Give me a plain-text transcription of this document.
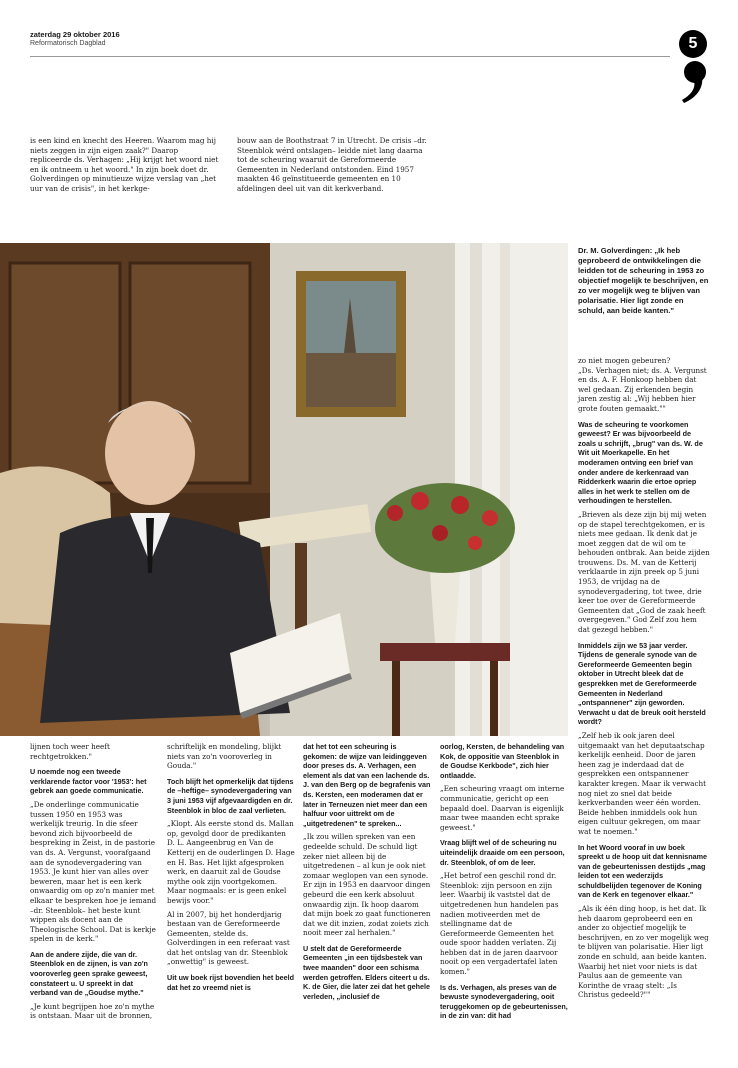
zaterdag 29 oktober 2016
Reformatorisch Dagblad	5

is een kind en knecht des Heeren. Waarom mag hij niets zeggen in zijn eigen zaak?" Daarop repliceerde ds. Verhagen: „Hij krijgt het woord niet en ik ontneem u het woord." In zijn boek doet dr. Golverdingen op minutieuze wijze verslag van „het uur van de crisis", in het kerkge-

bouw aan de Boothstraat 7 in Utrecht. De crisis –dr. Steenblok wérd ontslagen– leidde niet lang daarna tot de scheuring waaruit de Gereformeerde Gemeenten in Nederland ontstonden. Eind 1957 maakten 46 geïnstitueerde gemeenten en 10 afdelingen deel uit van dit kerkverband.

Dr. M. Golverdingen: „Ik heb geprobeerd de ontwikkelingen die leidden tot de scheuring in 1953 zo objectief mogelijk te beschrijven, en zo ver mogelijk weg te blijven van polarisatie. Hier ligt zonde en schuld, aan beide kanten."

zo niet mogen gebeuren?

„Ds. Verhagen niet; ds. A. Vergunst en ds. A. F. Honkoop hebben dat wel gedaan. Zij erkenden begin jaren zestig al: „Wij hebben hier grote fouten gemaakt.""

Was de scheuring te voorkomen geweest? Er was bijvoorbeeld de zoals u schrijft, „brug" van ds. W. de Wit uit Moerkapelle. En het moderamen ontving een brief van onder andere de kerkenraad van Ridderkerk waarin die ertoe opriep alles in het werk te stellen om de verhoudingen te herstellen.

„Brieven als deze zijn bij mij weten op de stapel terechtgekomen, er is niets mee gedaan. Ik denk dat je moet zeggen dat de wil om te behouden ontbrak. Aan beide zijden trouwens. Ds. M. van de Ketterij verklaarde in zijn preek op 5 juni 1953, de vrijdag na de synodevergadering, tot twee, drie keer toe over de Gereformeerde Gemeenten dat „God de zaak heeft overgegeven." God Zelf zou hem dat gezegd hebben."

Inmiddels zijn we 53 jaar verder. Tijdens de generale synode van de Gereformeerde Gemeenten begin oktober in Utrecht bleek dat de gesprekken met de Gereformeerde Gemeenten in Nederland „ontspannener" zijn geworden. Verwacht u dat de breuk ooit hersteld wordt?

„Zelf heb ik ook jaren deel uitgemaakt van het deputaatschap kerkelijk eenheid. Door de jaren heen zag je inderdaad dat de gesprekken een ontspannener karakter kregen. Maar ik verwacht nog niet zo snel dat beide kerkverbanden weer één worden. Beide hebben inmiddels ook hun eigen cultuur gekregen, om maar wat te noemen."

In het Woord vooraf in uw boek spreekt u de hoop uit dat kennisname van de gebeurtenissen destijds „mag leiden tot een wederzijds schuldbelijden tegenover de Koning van de Kerk en tegenover elkaar."

„Als ik één ding hoop, is het dat. Ik heb daarom geprobeerd een en ander zo objectief mogelijk te beschrijven, en zo ver mogelijk weg te blijven van polarisatie. Hier ligt zonde en schuld, aan beide kanten. Waarbij het niet voor niets is dat Paulus aan de gemeente van Korinthe de vraag stelt: „Is Christus gedeeld?""

lijnen toch weer heeft rechtgetrokken."

U noemde nog een tweede verklarende factor voor '1953': het gebrek aan goede communicatie.

„De onderlinge communicatie tussen 1950 en 1953 was werkelijk treurig. In die sfeer bevond zich bijvoorbeeld de bespreking in Zeist, in de pastorie van ds. A. Vergunst, voorafgaand aan de synodevergadering van 1953. Je kunt hier van alles over beweren, maar het is een kerk onwaardig om op zo'n manier met elkaar te bespreken hoe je iemand –dr. Steenblok– het beste kunt wippen als docent aan de Theologische School. Dat is kerkje spelen in de kerk."

Aan de andere zijde, die van dr. Steenblok en de zijnen, is van zo'n vooroverleg geen sprake geweest, constateert u. U spreekt in dat verband van de „Goudse mythe."

„Je kunt begrijpen hoe zo'n mythe is ontstaan. Maar uit de bronnen,

schriftelijk en mondeling, blijkt niets van zo'n vooroverleg in Gouda."

Toch blijft het opmerkelijk dat tijdens de –heftige– synodevergadering van 3 juni 1953 vijf afgevaardigden en dr. Steenblok in bloc de zaal verlieten.

„Klopt. Als eerste stond ds. Mallan op, gevolgd door de predikanten D. L. Aangeenbrug en Van de Ketterij en de ouderlingen D. Hage en H. Bas. Het lijkt afgesproken werk, en daaruit zal de Goudse mythe ook zijn voortgekomen. Maar nogmaals: er is geen enkel bewijs voor."

Al in 2007, bij het honderdjarig bestaan van de Gereformeerde Gemeenten, stelde ds. Golverdingen in een referaat vast dat het ontslag van dr. Steenblok „onwettig" is geweest.

Uit uw boek rijst bovendien het beeld dat het zo vreemd niet is

dat het tot een scheuring is gekomen: de wijze van leidinggeven door preses ds. A. Verhagen, een element als dat van een lachende ds. J. van den Berg op de begrafenis van ds. Kersten, een moderamen dat er later in Terneuzen niet meer dan een halfuur voor uittrekt om de „uitgetredenen" te spreken...

„Ik zou willen spreken van een gedeelde schuld. De schuld ligt zeker niet alleen bij de uitgetredenen – al kun je ook niet zomaar weglopen van een synode. Er zijn in 1953 en daarvoor dingen gebeurd die een kerk absoluut onwaardig zijn. Ik hoop daarom dat mijn boek zo gaat functioneren dat we dit inzien, zodat zoiets zich nooit meer zal herhalen."

U stelt dat de Gereformeerde Gemeenten „in een tijdsbestek van twee maanden" door een schisma werden getroffen. Elders citeert u ds. K. de Gier, die later zei dat het gehele verleden, „inclusief de

oorlog, Kersten, de behandeling van Kok, de oppositie van Steenblok in de Goudse Kerkbode", zich hier ontlaadde.

„Een scheuring vraagt om interne communicatie, gericht op een bepaald doel. Daarvan is eigenlijk maar twee maanden echt sprake geweest."

Vraag blijft wel of de scheuring nu uiteindelijk draaide om een persoon, dr. Steenblok, of om de leer.

„Het betrof een geschil rond dr. Steenblok: zijn persoon en zijn leer. Waarbij ik vaststel dat de uitgetredenen hun handelen pas nadien motiveerden met de stellingname dat de Gereformeerde Gemeenten het oude spoor hadden verlaten. Zij hebben dat in de jaren daarvoor nooit op een vergadertafel laten komen."

Is ds. Verhagen, als preses van de bewuste synodevergadering, ooit teruggekomen op de gebeurtenissen, in de zin van: dit had
